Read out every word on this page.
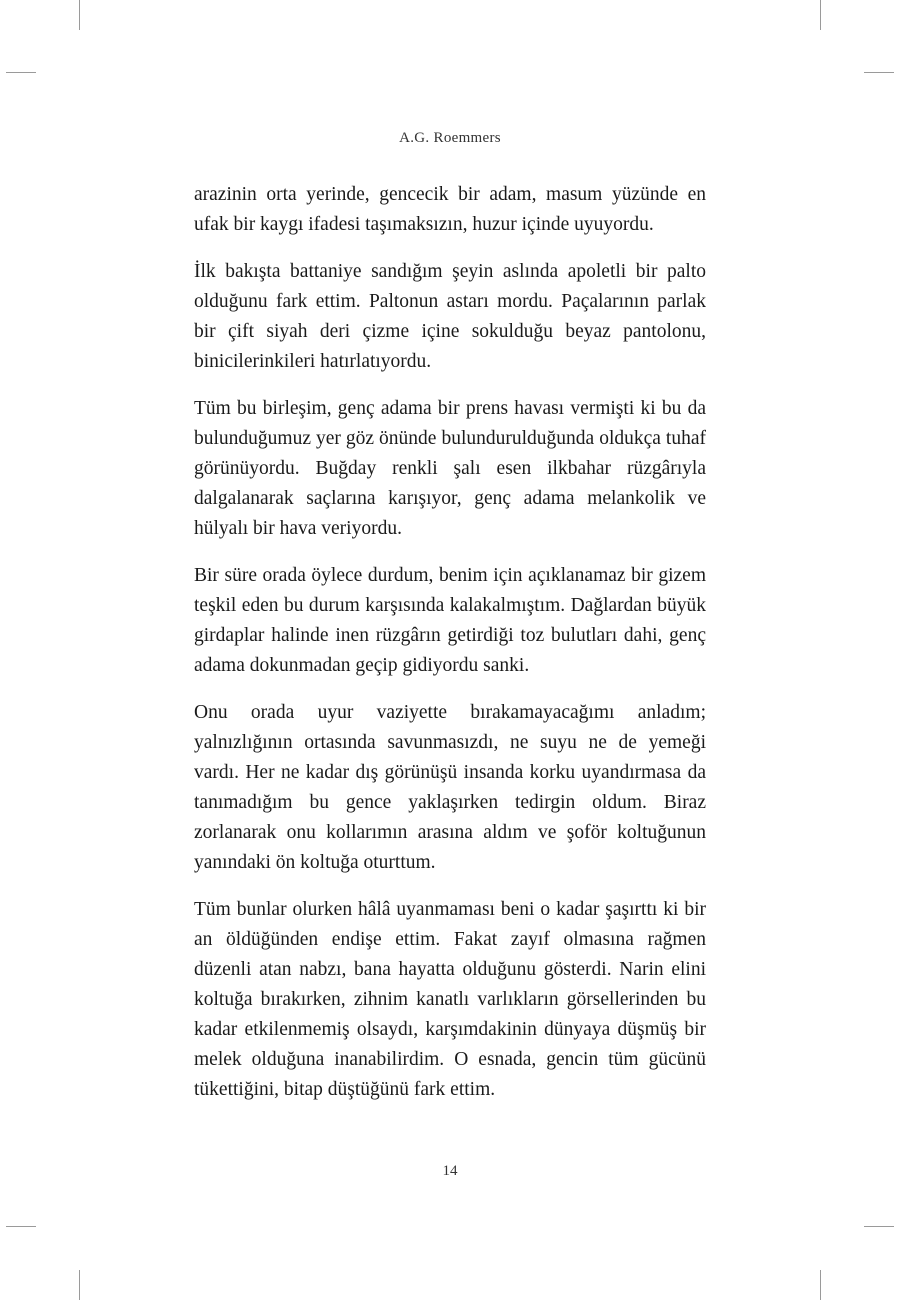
A.G. Roemmers

arazinin orta yerinde, gencecik bir adam, masum yüzünde en ufak bir kaygı ifadesi taşımaksızın, huzur içinde uyuyordu.

İlk bakışta battaniye sandığım şeyin aslında apoletli bir palto olduğunu fark ettim. Paltonun astarı mordu. Paçalarının parlak bir çift siyah deri çizme içine sokulduğu beyaz pantolonu, binicilerinkileri hatırlatıyordu.

Tüm bu birleşim, genç adama bir prens havası vermişti ki bu da bulunduğumuz yer göz önünde bulundurulduğunda oldukça tuhaf görünüyordu. Buğday renkli şalı esen ilkbahar rüzgârıyla dalgalanarak saçlarına karışıyor, genç adama melankolik ve hülyalı bir hava veriyordu.

Bir süre orada öylece durdum, benim için açıklanamaz bir gizem teşkil eden bu durum karşısında kalakalmıştım. Dağlardan büyük girdaplar halinde inen rüzgârın getirdiği toz bulutları dahi, genç adama dokunmadan geçip gidiyordu sanki.

Onu orada uyur vaziyette bırakamayacağımı anladım; yalnızlığının ortasında savunmasızdı, ne suyu ne de yemeği vardı. Her ne kadar dış görünüşü insanda korku uyandırmasa da tanımadığım bu gence yaklaşırken tedirgin oldum. Biraz zorlanarak onu kollarımın arasına aldım ve şoför koltuğunun yanındaki ön koltuğa oturttum.

Tüm bunlar olurken hâlâ uyanmaması beni o kadar şaşırttı ki bir an öldüğünden endişe ettim. Fakat zayıf olmasına rağmen düzenli atan nabzı, bana hayatta olduğunu gösterdi. Narin elini koltuğa bırakırken, zihnim kanatlı varlıkların görsellerinden bu kadar etkilenmemiş olsaydı, karşımdakinin dünyaya düşmüş bir melek olduğuna inanabilirdim. O esnada, gencin tüm gücünü tükettiğini, bitap düştüğünü fark ettim.

14
